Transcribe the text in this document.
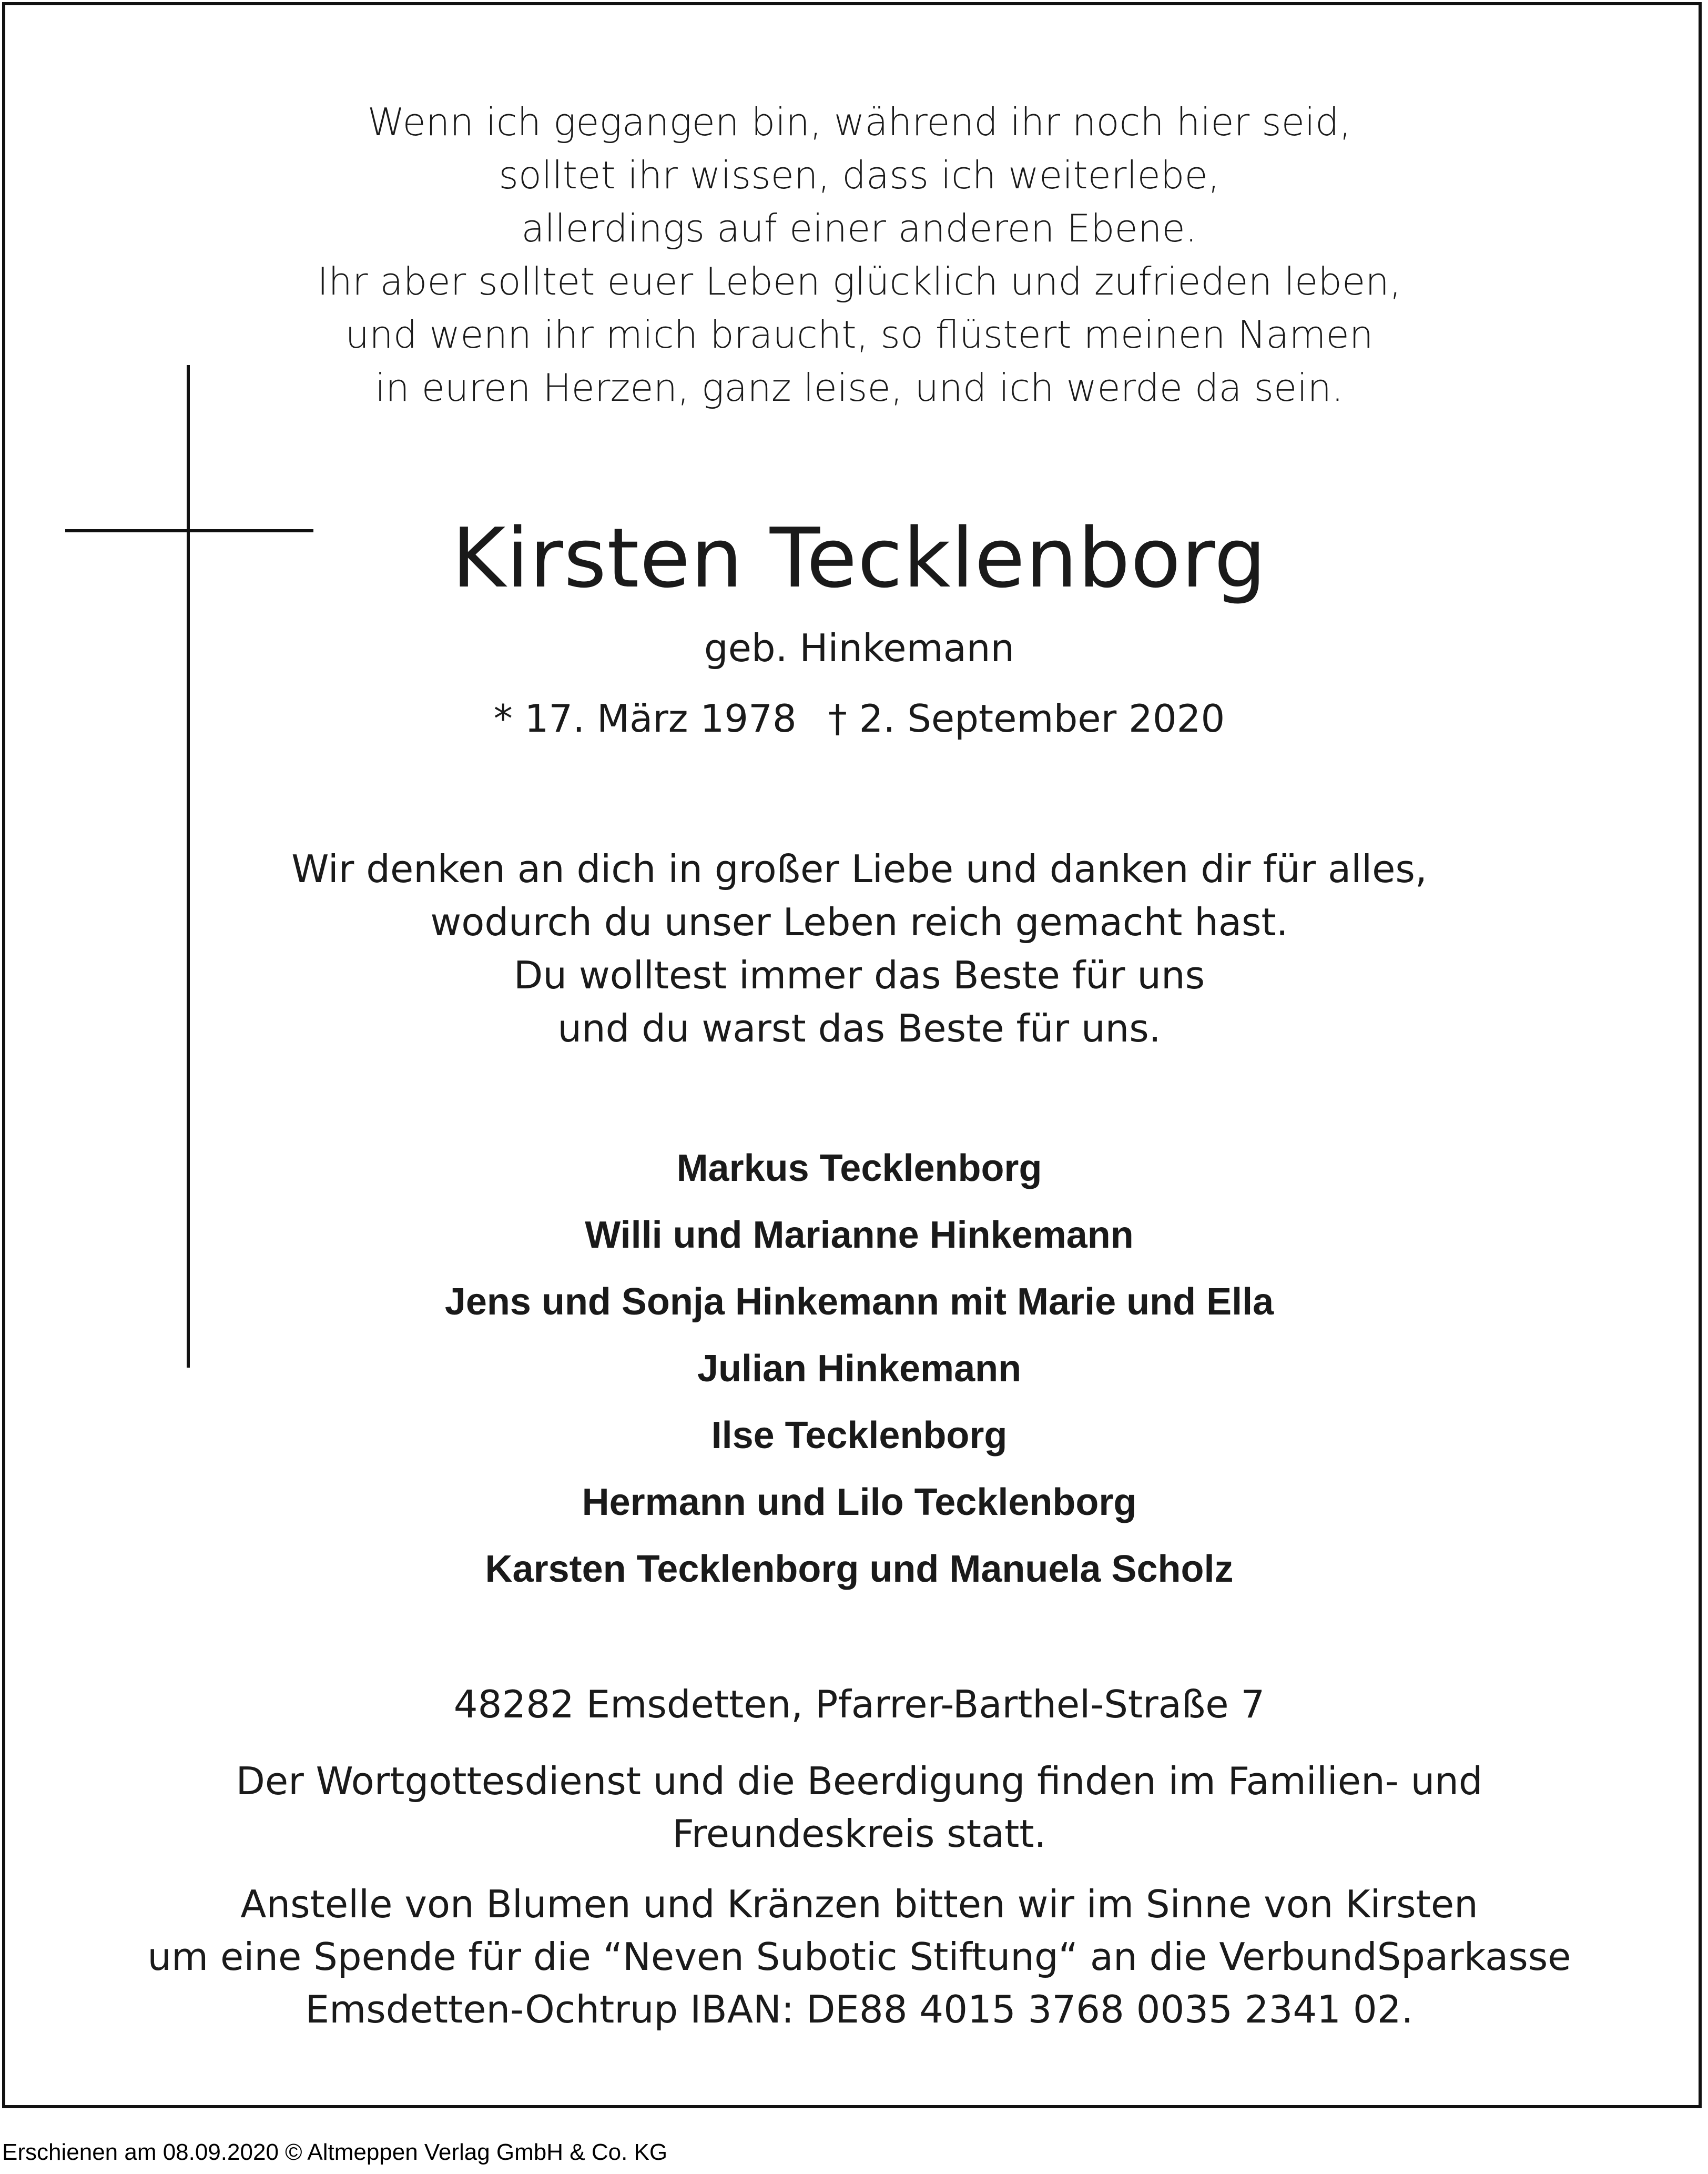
Wenn ich gegangen bin, während ihr noch hier seid,
solltet ihr wissen, dass ich weiterlebe,
allerdings auf einer anderen Ebene.
Ihr aber solltet euer Leben glücklich und zufrieden leben,
und wenn ihr mich braucht, so flüstert meinen Namen
in euren Herzen, ganz leise, und ich werde da sein.
Kirsten Tecklenborg
geb. Hinkemann
* 17. März 1978 † 2. September 2020
Wir denken an dich in großer Liebe und danken dir für alles,
wodurch du unser Leben reich gemacht hast.
Du wolltest immer das Beste für uns
und du warst das Beste für uns.
Markus Tecklenborg
Willi und Marianne Hinkemann
Jens und Sonja Hinkemann mit Marie und Ella
Julian Hinkemann
Ilse Tecklenborg
Hermann und Lilo Tecklenborg
Karsten Tecklenborg und Manuela Scholz
48282 Emsdetten, Pfarrer-Barthel-Straße 7
Der Wortgottesdienst und die Beerdigung finden im Familien- und
Freundeskreis statt.
Anstelle von Blumen und Kränzen bitten wir im Sinne von Kirsten
um eine Spende für die “Neven Subotic Stiftung“ an die VerbundSparkasse
Emsdetten-Ochtrup IBAN: DE88 4015 3768 0035 2341 02.
Erschienen am 08.09.2020 © Altmeppen Verlag GmbH & Co. KG
